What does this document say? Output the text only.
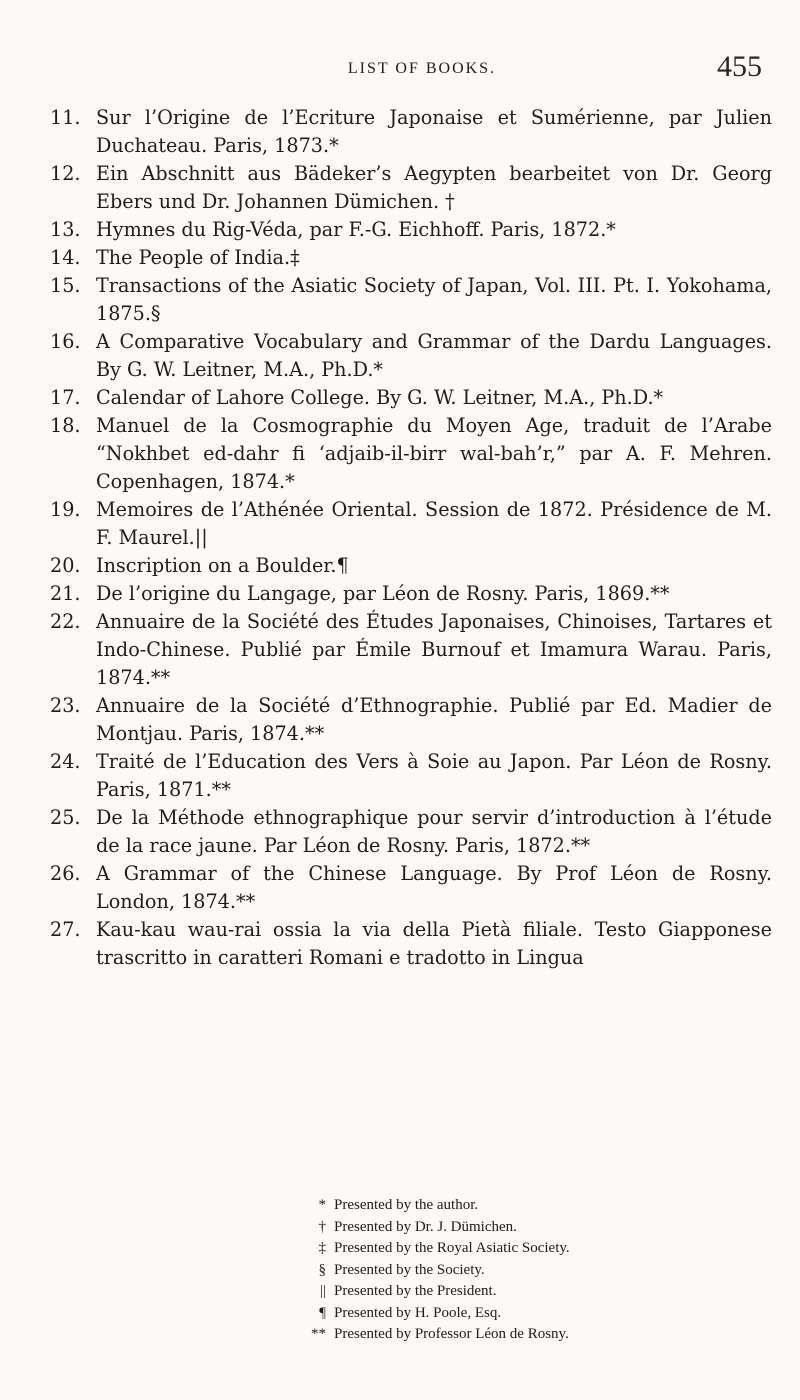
LIST OF BOOKS.	455
11. Sur l’Origine de l’Ecriture Japonaise et Sumérienne, par Julien Duchateau. Paris, 1873.*
12. Ein Abschnitt aus Bädeker’s Aegypten bearbeitet von Dr. Georg Ebers und Dr. Johannen Dümichen. †
13. Hymnes du Rig-Véda, par F.-G. Eichhoff. Paris, 1872.*
14. The People of India.‡
15. Transactions of the Asiatic Society of Japan, Vol. III. Pt. I. Yokohama, 1875.§
16. A Comparative Vocabulary and Grammar of the Dardu Languages. By G. W. Leitner, M.A., Ph.D.*
17. Calendar of Lahore College. By G. W. Leitner, M.A., Ph.D.*
18. Manuel de la Cosmographie du Moyen Age, traduit de l’Arabe “Nokhbet ed-dahr fi ‘adjaib-il-birr wal-bah’r,” par A. F. Mehren. Copenhagen, 1874.*
19. Memoires de l’Athénée Oriental. Session de 1872. Présidence de M. F. Maurel.||
20. Inscription on a Boulder.¶
21. De l’origine du Langage, par Léon de Rosny. Paris, 1869.**
22. Annuaire de la Société des Études Japonaises, Chinoises, Tartares et Indo-Chinese. Publié par Émile Burnouf et Imamura Warau. Paris, 1874.**
23. Annuaire de la Société d’Ethnographie. Publié par Ed. Madier de Montjau. Paris, 1874.**
24. Traité de l’Education des Vers à Soie au Japon. Par Léon de Rosny. Paris, 1871.**
25. De la Méthode ethnographique pour servir d’introduction à l’étude de la race jaune. Par Léon de Rosny. Paris, 1872.**
26. A Grammar of the Chinese Language. By Prof Léon de Rosny. London, 1874.**
27. Kau-kau wau-rai ossia la via della Pietà filiale. Testo Giapponese trascritto in caratteri Romani e tradotto in Lingua
* Presented by the author.
† Presented by Dr. J. Dümichen.
‡ Presented by the Royal Asiatic Society.
§ Presented by the Society.
|| Presented by the President.
¶ Presented by H. Poole, Esq.
** Presented by Professor Léon de Rosny.
